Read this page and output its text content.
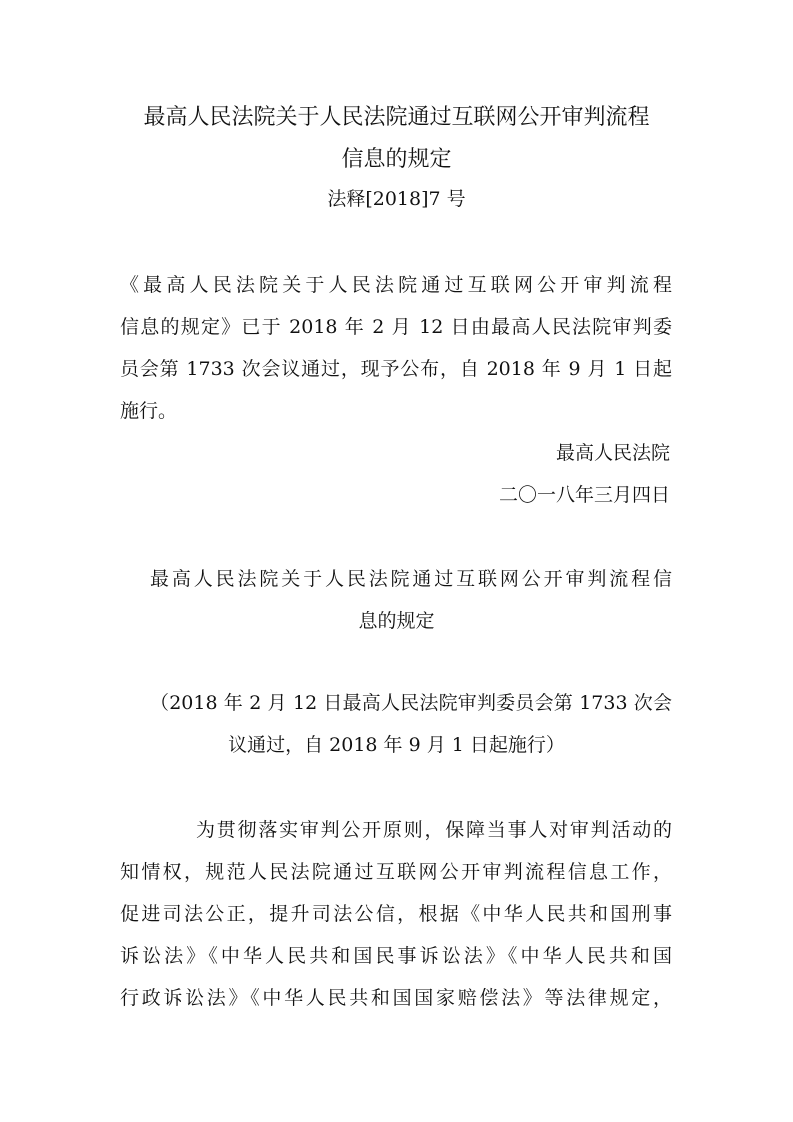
最高人民法院关于人民法院通过互联网公开审判流程
信息的规定
法释[2018]7 号
《最高人民法院关于人民法院通过互联网公开审判流程
信息的规定》已于 2018 年 2 月 12 日由最高人民法院审判委
员会第 1733 次会议通过，现予公布，自 2018 年 9 月 1 日起
施行。
最高人民法院
二〇一八年三月四日
最高人民法院关于人民法院通过互联网公开审判流程信
息的规定
（2018 年 2 月 12 日最高人民法院审判委员会第 1733 次会
议通过，自 2018 年 9 月 1 日起施行）
为贯彻落实审判公开原则，保障当事人对审判活动的
知情权，规范人民法院通过互联网公开审判流程信息工作，
促进司法公正，提升司法公信，根据《中华人民共和国刑事
诉讼法》《中华人民共和国民事诉讼法》《中华人民共和国
行政诉讼法》《中华人民共和国国家赔偿法》等法律规定，
